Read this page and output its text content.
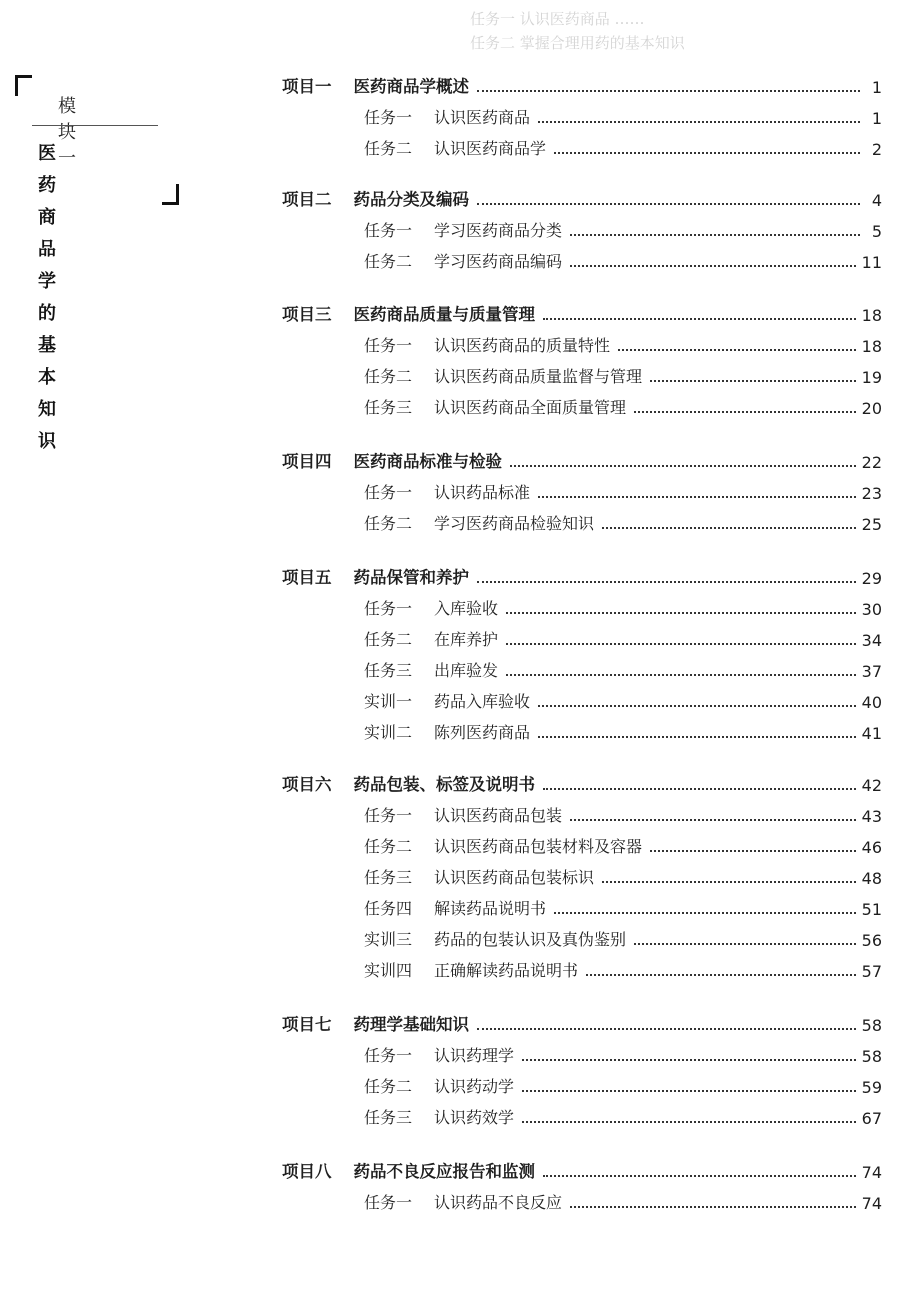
任务一 认识医药商品 ……
任务二 掌握合理用药的基本知识
模块一
医药商品学
的基本知识
项目一 医药商品学概述	1
任务一 认识医药商品	1
任务二 认识医药商品学	2
项目二 药品分类及编码	4
任务一 学习医药商品分类	5
任务二 学习医药商品编码	11
项目三 医药商品质量与质量管理	18
任务一 认识医药商品的质量特性	18
任务二 认识医药商品质量监督与管理	19
任务三 认识医药商品全面质量管理	20
项目四 医药商品标准与检验	22
任务一 认识药品标准	23
任务二 学习医药商品检验知识	25
项目五 药品保管和养护	29
任务一 入库验收	30
任务二 在库养护	34
任务三 出库验发	37
实训一 药品入库验收	40
实训二 陈列医药商品	41
项目六 药品包装、标签及说明书	42
任务一 认识医药商品包装	43
任务二 认识医药商品包装材料及容器	46
任务三 认识医药商品包装标识	48
任务四 解读药品说明书	51
实训三 药品的包装认识及真伪鉴别	56
实训四 正确解读药品说明书	57
项目七 药理学基础知识	58
任务一 认识药理学	58
任务二 认识药动学	59
任务三 认识药效学	67
项目八 药品不良反应报告和监测	74
任务一 认识药品不良反应	74
